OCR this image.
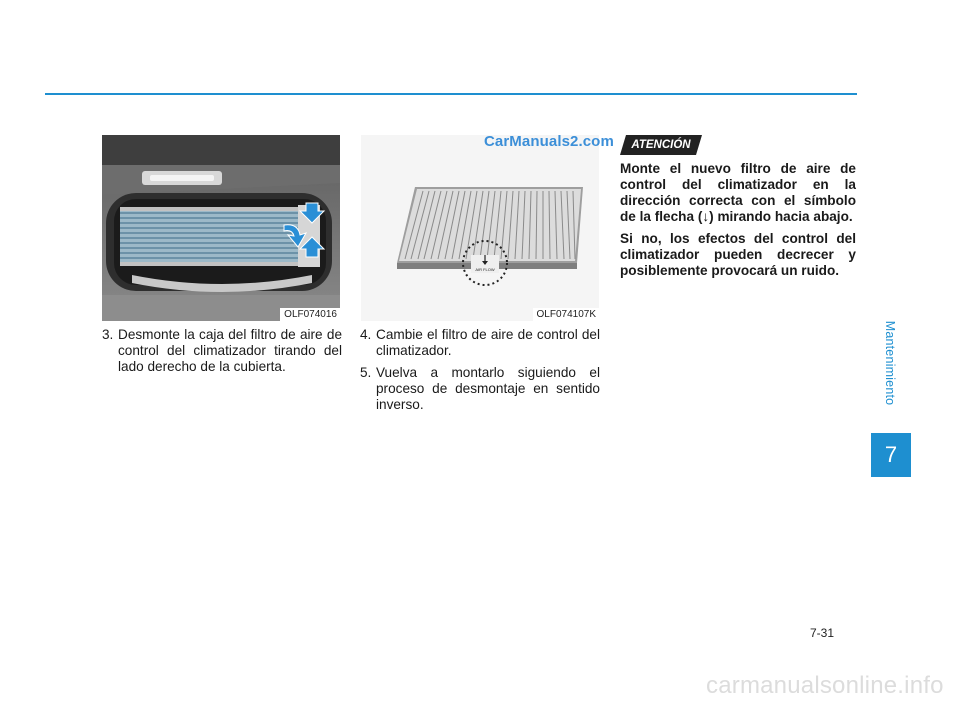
OLF074016
AIR FLOW
OLF074107K
CarManuals2.com

3. Desmonte la caja del filtro de aire de control del climatizador tirando del lado derecho de la cubierta.

4. Cambie el filtro de aire de control del climatizador.

5. Vuelva a montarlo siguiendo el proceso de desmontaje en sentido inverso.

ATENCIÓN

Monte el nuevo filtro de aire de control del climatizador en la dirección correcta con el símbolo de la flecha (↓) mirando hacia abajo.

Si no, los efectos del control del climatizador pueden decrecer y posiblemente provocará un ruido.

Mantenimiento
7
7-31
carmanualsonline.info
